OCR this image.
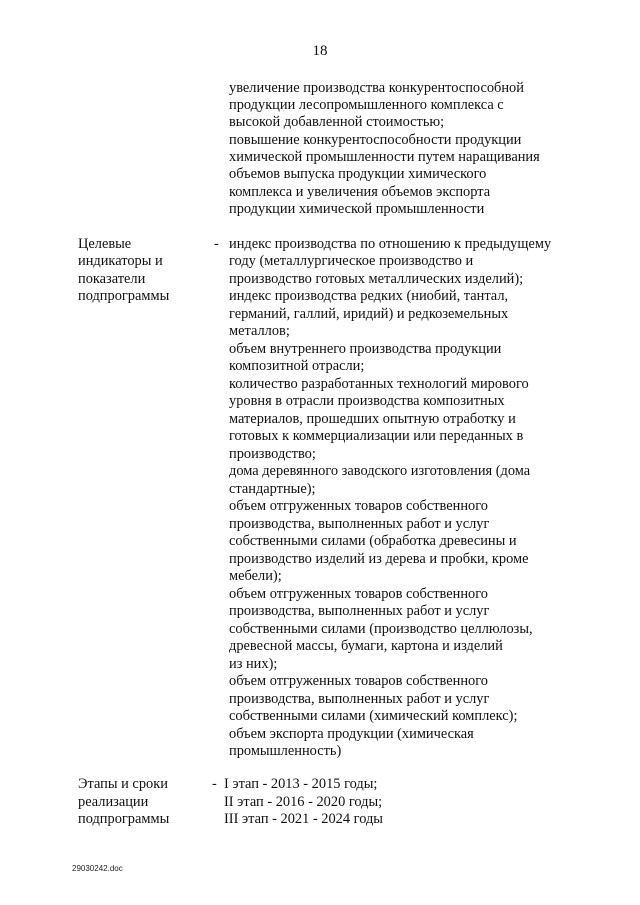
18
увеличение производства конкурентоспособной
продукции лесопромышленного комплекса с
высокой добавленной стоимостью;
повышение конкурентоспособности продукции
химической промышленности путем наращивания
объемов выпуска продукции химического
комплекса и увеличения объемов экспорта
продукции химической промышленности
Целевые
индикаторы и
показатели
подпрограммы
- индекс производства по отношению к предыдущему
году (металлургическое производство и
производство готовых металлических изделий);
индекс производства редких (ниобий, тантал,
германий, галлий, иридий) и редкоземельных
металлов;
объем внутреннего производства продукции
композитной отрасли;
количество разработанных технологий мирового
уровня в отрасли производства композитных
материалов, прошедших опытную отработку и
готовых к коммерциализации или переданных в
производство;
дома деревянного заводского изготовления (дома
стандартные);
объем отгруженных товаров собственного
производства, выполненных работ и услуг
собственными силами (обработка древесины и
производство изделий из дерева и пробки, кроме
мебели);
объем отгруженных товаров собственного
производства, выполненных работ и услуг
собственными силами (производство целлюлозы,
древесной массы, бумаги, картона и изделий
из них);
объем отгруженных товаров собственного
производства, выполненных работ и услуг
собственными силами (химический комплекс);
объем экспорта продукции (химическая
промышленность)
Этапы и сроки
реализации
подпрограммы
- I этап - 2013 - 2015 годы;
II этап - 2016 - 2020 годы;
III этап - 2021 - 2024 годы
29030242.doc
